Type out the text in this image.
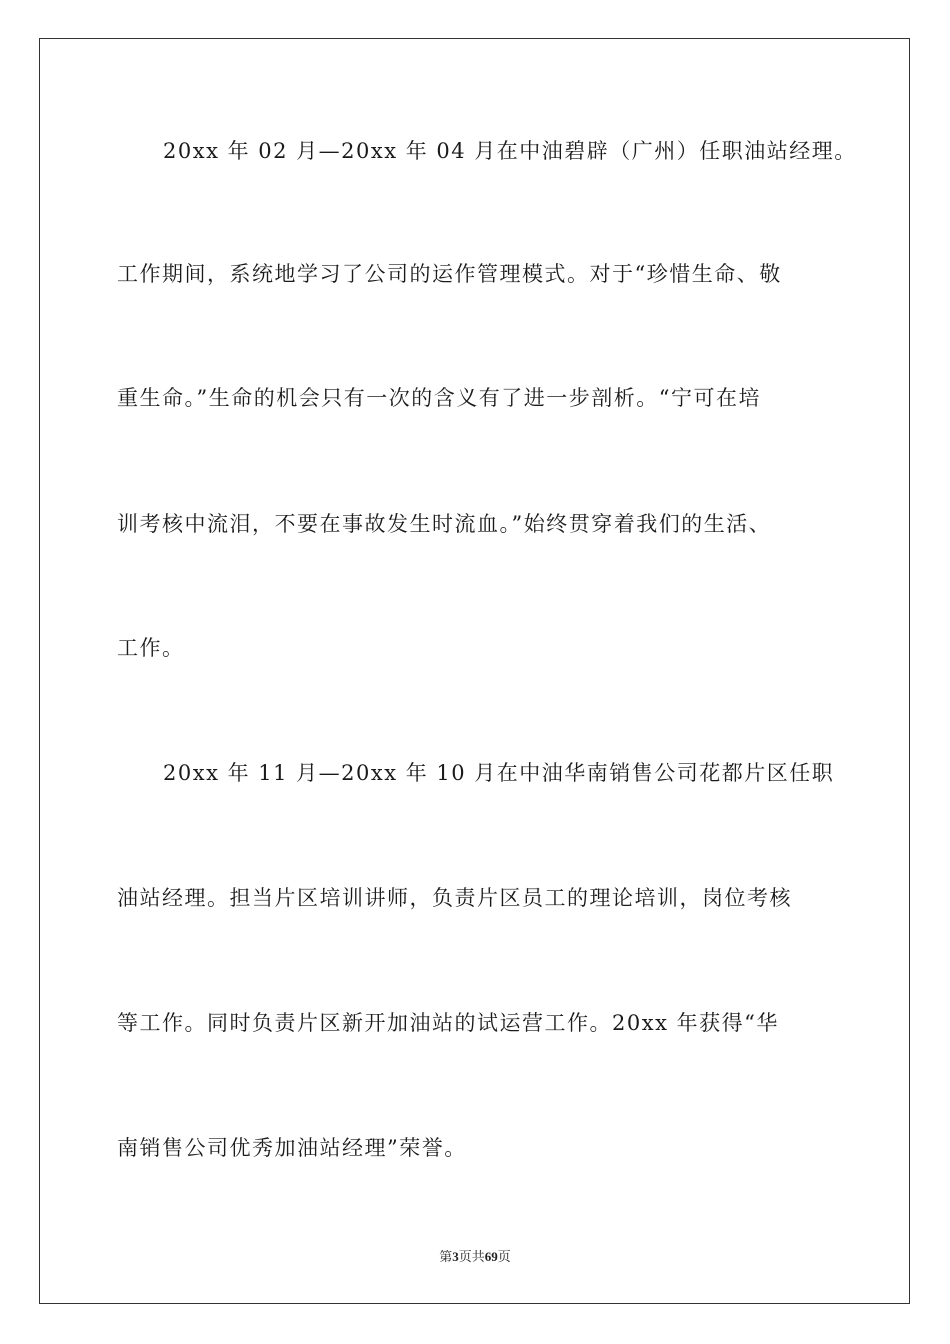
20xx 年 02 月—20xx 年 04 月在中油碧辟（广州）任职油站经理。
工作期间，系统地学习了公司的运作管理模式。对于“珍惜生命、敬
重生命。”生命的机会只有一次的含义有了进一步剖析。“宁可在培
训考核中流泪，不要在事故发生时流血。”始终贯穿着我们的生活、
工作。
20xx 年 11 月—20xx 年 10 月在中油华南销售公司花都片区任职
油站经理。担当片区培训讲师，负责片区员工的理论培训，岗位考核
等工作。同时负责片区新开加油站的试运营工作。20xx 年获得“华
南销售公司优秀加油站经理”荣誉。
第3页共69页
